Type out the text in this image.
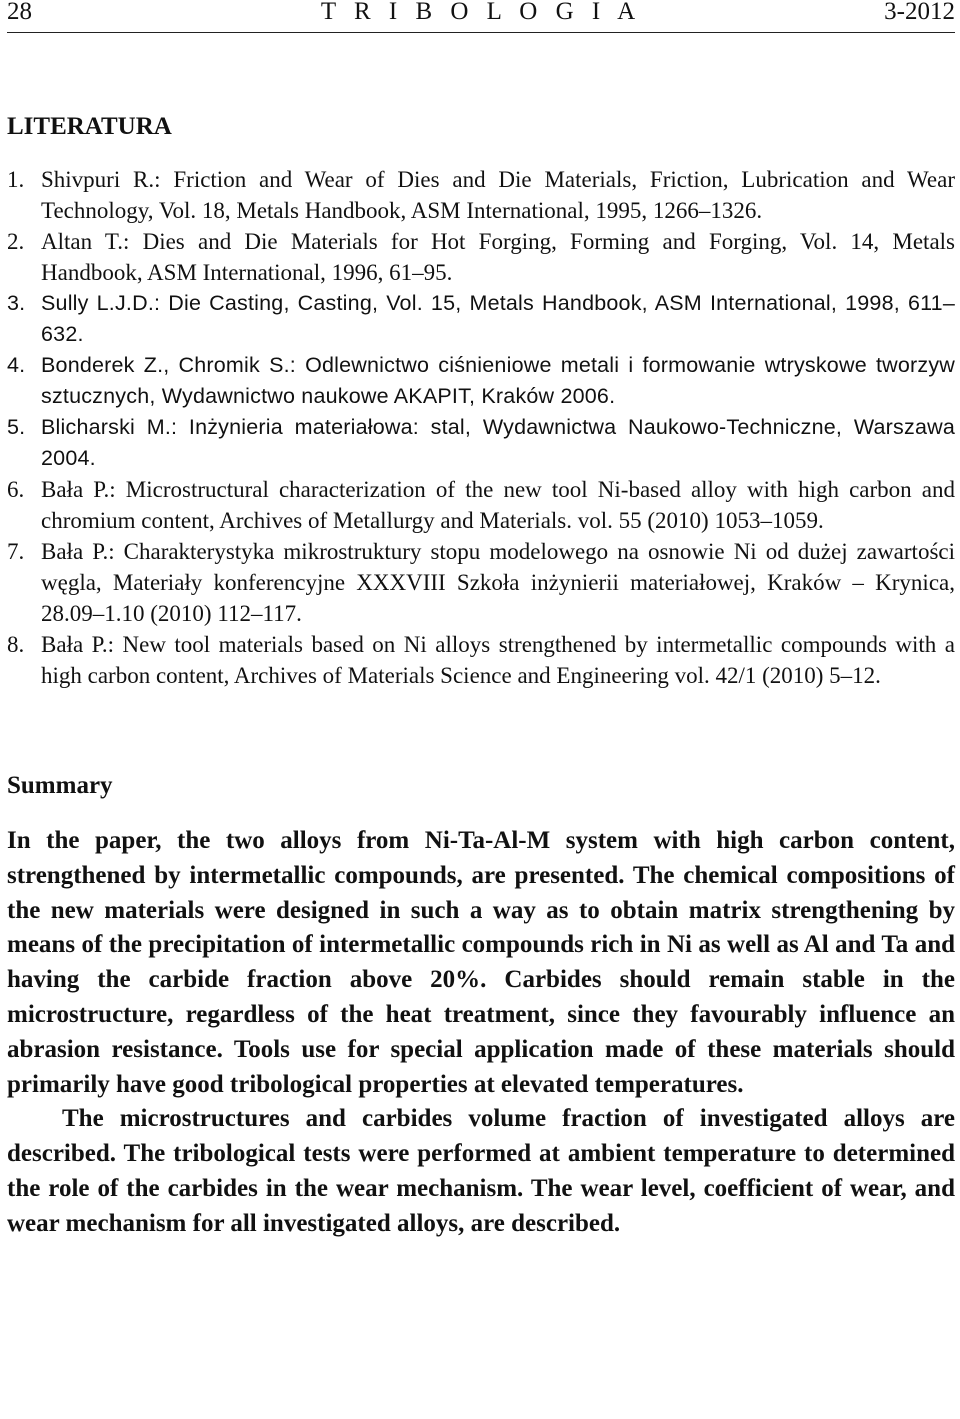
28	T R I B O L O G I A	3-2012
LITERATURA
1. Shivpuri R.: Friction and Wear of Dies and Die Materials, Friction, Lubrication and Wear Technology, Vol. 18, Metals Handbook, ASM International, 1995, 1266–1326.
2. Altan T.: Dies and Die Materials for Hot Forging, Forming and Forging, Vol. 14, Metals Handbook, ASM International, 1996, 61–95.
3. Sully L.J.D.: Die Casting, Casting, Vol. 15, Metals Handbook, ASM International, 1998, 611–632.
4. Bonderek Z., Chromik S.: Odlewnictwo ciśnieniowe metali i formowanie wtryskowe tworzyw sztucznych, Wydawnictwo naukowe AKAPIT, Kraków 2006.
5. Blicharski M.: Inżynieria materiałowa: stal, Wydawnictwa Naukowo-Techniczne, Warszawa 2004.
6. Bała P.: Microstructural characterization of the new tool Ni-based alloy with high carbon and chromium content, Archives of Metallurgy and Materials. vol. 55 (2010) 1053–1059.
7. Bała P.: Charakterystyka mikrostruktury stopu modelowego na osnowie Ni od dużej zawartości węgla, Materiały konferencyjne XXXVIII Szkoła inżynierii materiałowej, Kraków – Krynica, 28.09–1.10 (2010) 112–117.
8. Bała P.: New tool materials based on Ni alloys strengthened by intermetallic compounds with a high carbon content, Archives of Materials Science and Engineering vol. 42/1 (2010) 5–12.
Summary

In the paper, the two alloys from Ni-Ta-Al-M system with high carbon content, strengthened by intermetallic compounds, are presented. The chemical compositions of the new materials were designed in such a way as to obtain matrix strengthening by means of the precipitation of intermetallic compounds rich in Ni as well as Al and Ta and having the carbide fraction above 20%. Carbides should remain stable in the microstructure, regardless of the heat treatment, since they favourably influence an abrasion resistance. Tools use for special application made of these materials should primarily have good tribological properties at elevated temperatures.

The microstructures and carbides volume fraction of investigated alloys are described. The tribological tests were performed at ambient temperature to determined the role of the carbides in the wear mechanism. The wear level, coefficient of wear, and wear mechanism for all investigated alloys, are described.
